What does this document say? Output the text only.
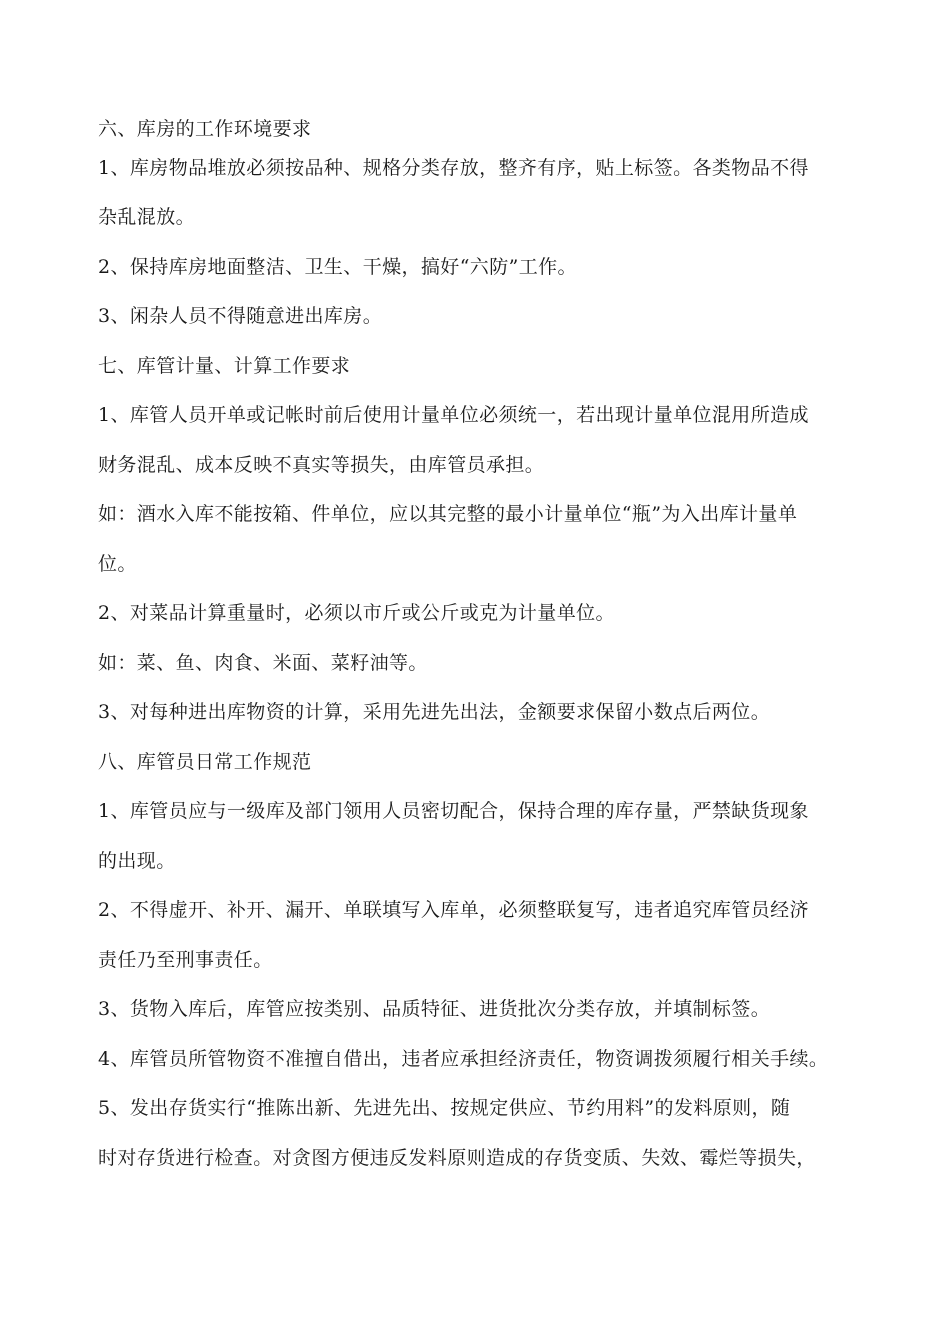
六、库房的工作环境要求
1、库房物品堆放必须按品种、规格分类存放，整齐有序，贴上标签。各类物品不得
杂乱混放。
2、保持库房地面整洁、卫生、干燥，搞好“六防”工作。
3、闲杂人员不得随意进出库房。
七、库管计量、计算工作要求
1、库管人员开单或记帐时前后使用计量单位必须统一，若出现计量单位混用所造成
财务混乱、成本反映不真实等损失，由库管员承担。
如：酒水入库不能按箱、件单位，应以其完整的最小计量单位“瓶”为入出库计量单
位。
2、对菜品计算重量时，必须以市斤或公斤或克为计量单位。
如：菜、鱼、肉食、米面、菜籽油等。
3、对每种进出库物资的计算，采用先进先出法，金额要求保留小数点后两位。
八、库管员日常工作规范
1、库管员应与一级库及部门领用人员密切配合，保持合理的库存量，严禁缺货现象
的出现。
2、不得虚开、补开、漏开、单联填写入库单，必须整联复写，违者追究库管员经济
责任乃至刑事责任。
3、货物入库后，库管应按类别、品质特征、进货批次分类存放，并填制标签。
4、库管员所管物资不准擅自借出，违者应承担经济责任，物资调拨须履行相关手续。
5、发出存货实行“推陈出新、先进先出、按规定供应、节约用料”的发料原则，随
时对存货进行检查。对贪图方便违反发料原则造成的存货变质、失效、霉烂等损失，
